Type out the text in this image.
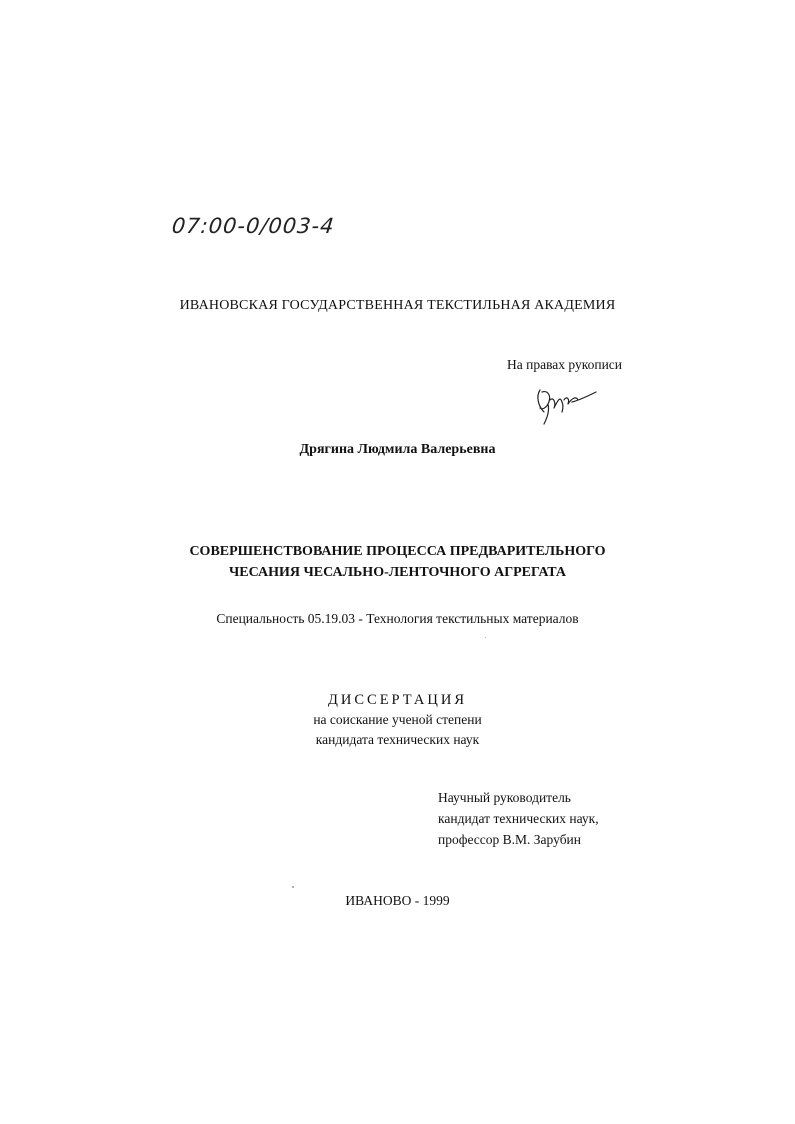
07:00-0/003-4
ИВАНОВСКАЯ ГОСУДАРСТВЕННАЯ ТЕКСТИЛЬНАЯ АКАДЕМИЯ
На правах рукописи
Дрягина Людмила Валерьевна
СОВЕРШЕНСТВОВАНИЕ ПРОЦЕССА ПРЕДВАРИТЕЛЬНОГО
ЧЕСАНИЯ ЧЕСАЛЬНО-ЛЕНТОЧНОГО АГРЕГАТА
Специальность 05.19.03 - Технология текстильных материалов
ДИССЕРТАЦИЯ
на соискание ученой степени
кандидата технических наук
Научный руководитель
кандидат технических наук,
профессор В.М. Зарубин
ИВАНОВО - 1999
